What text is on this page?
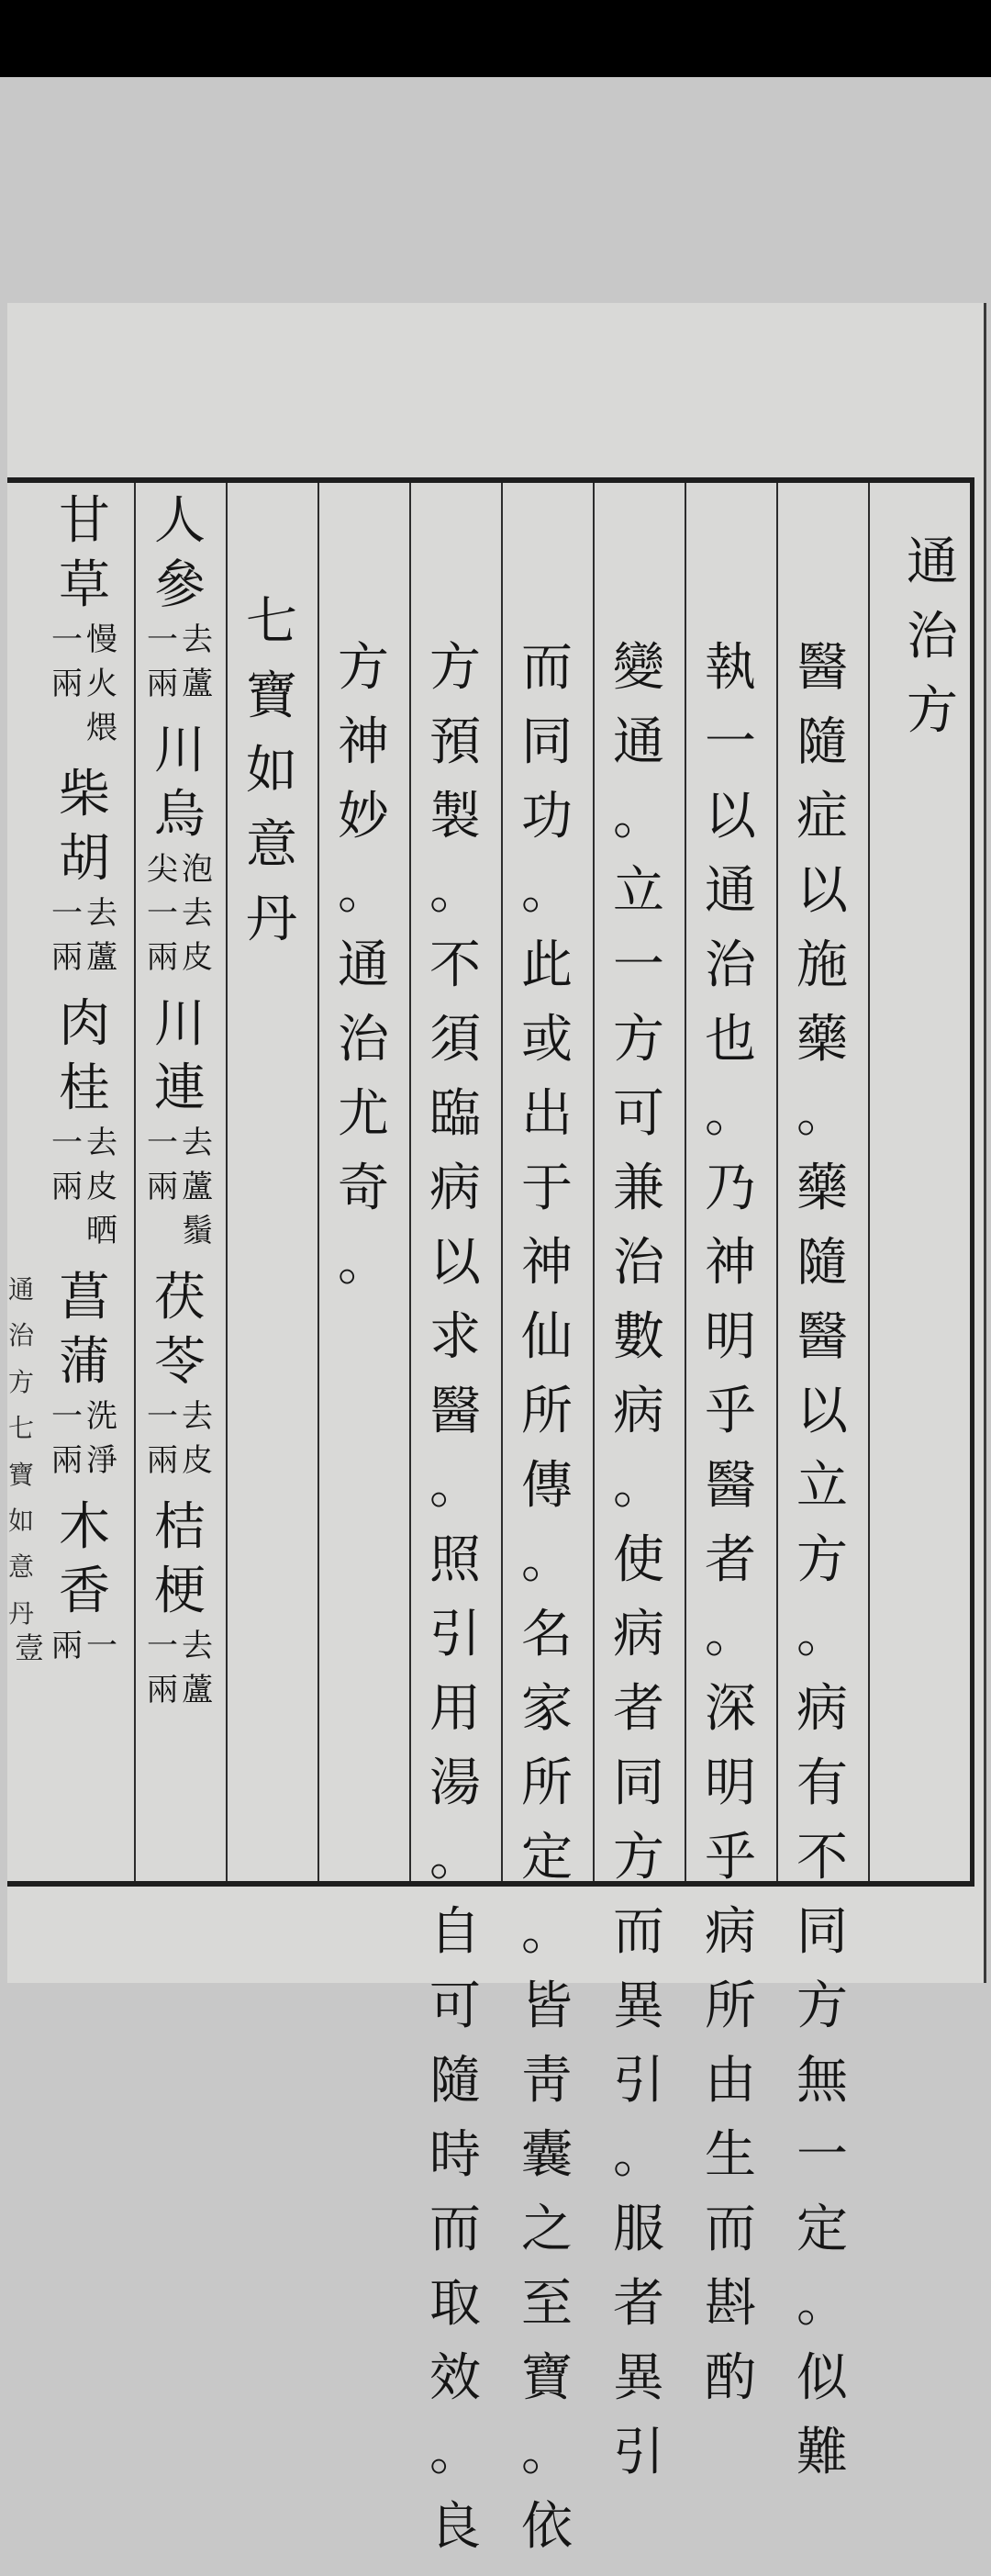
通
治
方
醫
隨
症
以
施
藥
。
藥
隨
醫
以
立
方
。
病
有
不
同
方
無
一
定
。
似
難
執
一
以
通
治
也
。
乃
神
明
乎
醫
者
。
深
明
乎
病
所
由
生
而
斟
酌
變
通
。
立
一
方
可
兼
治
數
病
。
使
病
者
同
方
而
異
引
。
服
者
異
引
而
同
功
。
此
或
出
于
神
仙
所
傳
。
名
家
所
定
。
皆
靑
囊
之
至
寶
。
依
方
預
製
。
不
須
臨
病
以
求
醫
。
照
引
用
湯
。
自
可
隨
時
而
取
效
。
良
方
神
妙
。
通
治
尤
奇
。
七
寶
如
意
丹
人
參
去
蘆
一
兩
川
烏
泡
去
皮
尖
一
兩
川
連
去
蘆
鬚
一
兩
茯
苓
去
皮
一
兩
桔
梗
去
蘆
一
兩
甘
草
慢
火
煨
一
兩
柴
胡
去
蘆
一
兩
肉
桂
去
皮
晒
一
兩
菖
蒲
洗
淨
一
兩
木
香
一
兩
通
治
方
七
寶
如
意
丹
壹
